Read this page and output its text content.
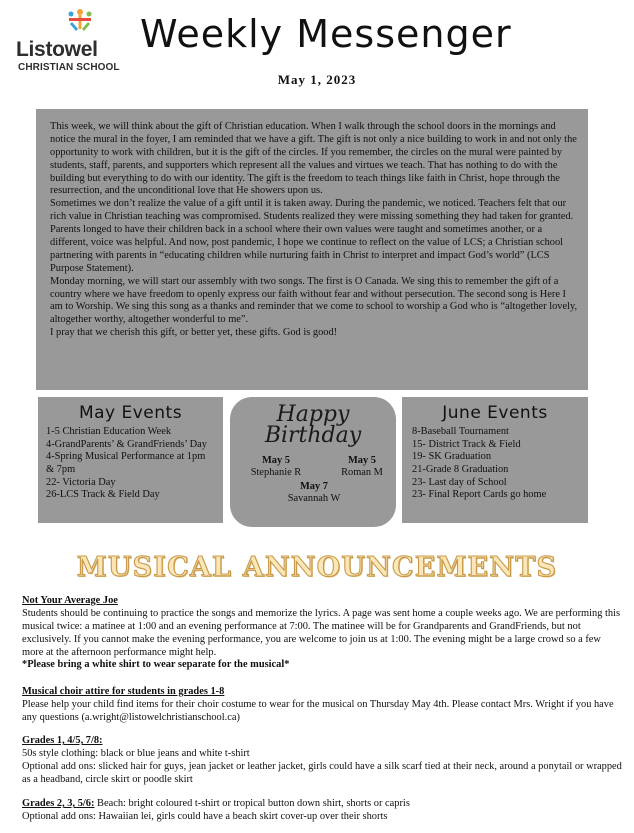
Listowel
CHRISTIAN SCHOOL
Weekly Messenger
May 1, 2023

This week, we will think about the gift of Christian education. When I walk through the school doors in the mornings and notice the mural in the foyer, I am reminded that we have a gift. The gift is not only a nice building to work in and not only the opportunity to work with children, but it is the gift of the circles. If you remember, the circles on the mural were painted by students, staff, parents, and supporters which represent all the values and virtues we teach. That has nothing to do with the building but everything to do with our identity. The gift is the freedom to teach things like faith in Christ, hope through the resurrection, and the unconditional love that He showers upon us.

Sometimes we don’t realize the value of a gift until it is taken away. During the pandemic, we noticed. Teachers felt that our rich value in Christian teaching was compromised. Students realized they were missing something they had taken for granted. Parents longed to have their children back in a school where their own values were taught and sometimes another, or a different, voice was helpful. And now, post pandemic, I hope we continue to reflect on the value of LCS; a Christian school partnering with parents in “educating children while nurturing faith in Christ to interpret and impact God’s world” (LCS Purpose Statement).

Monday morning, we will start our assembly with two songs. The first is O Canada. We sing this to remember the gift of a country where we have freedom to openly express our faith without fear and without persecution. The second song is Here I am to Worship. We sing this song as a thanks and reminder that we come to school to worship a God who is “altogether lovely, altogether worthy, altogether wonderful to me”.

I pray that we cherish this gift, or better yet, these gifts. God is good!

May Events
1-5 Christian Education Week
4-GrandParents’ & GrandFriends’ Day
4-Spring Musical Performance at 1pm & 7pm
22- Victoria Day
26-LCS Track & Field Day
Happy
Birthday
May 5
Stephanie R
May 5
Roman M
May 7
Savannah W
June Events
8-Baseball Tournament
15- District Track & Field
19- SK Graduation
21-Grade 8 Graduation
23- Last day of School
23- Final Report Cards go home
MUSICAL ANNOUNCEMENTS
Not Your Average Joe

Students should be continuing to practice the songs and memorize the lyrics. A page was sent home a couple weeks ago. We are performing this musical twice: a matinee at 1:00 and an evening performance at 7:00. The matinee will be for Grandparents and GrandFriends, but not exclusively. If you cannot make the evening performance, you are welcome to join us at 1:00. The evening might be a large crowd so a few more at the afternoon performance might help.

*Please bring a white shirt to wear separate for the musical*

Musical choir attire for students in grades 1-8

Please help your child find items for their choir costume to wear for the musical on Thursday May 4th. Please contact Mrs. Wright if you have any questions (a.wright@listowelchristianschool.ca)

Grades 1, 4/5, 7/8:

50s style clothing: black or blue jeans and white t-shirt

Optional add ons: slicked hair for guys, jean jacket or leather jacket, girls could have a silk scarf tied at their neck, around a ponytail or wrapped as a headband, circle skirt or poodle skirt

Grades 2, 3, 5/6: Beach: bright coloured t-shirt or tropical button down shirt, shorts or capris

Optional add ons: Hawaiian lei, girls could have a beach skirt cover-up over their shorts
